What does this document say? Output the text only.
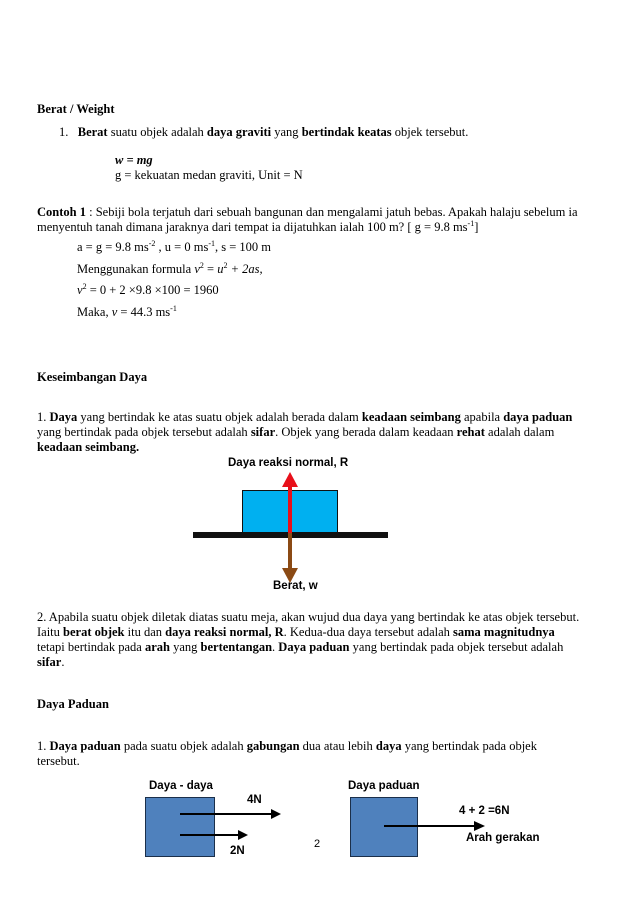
Berat / Weight
1. Berat suatu objek adalah daya graviti yang bertindak keatas objek tersebut.
w = mg
g = kekuatan medan graviti, Unit = N
Contoh 1 : Sebiji bola terjatuh dari sebuah bangunan dan mengalami jatuh bebas. Apakah halaju sebelum ia
menyentuh tanah dimana jaraknya dari tempat ia dijatuhkan ialah 100 m? [ g = 9.8 $ms^{-1}$]
a = g = 9.8 $ms^{-2}$ , u = 0 $ms^{-1}$, s = 100 m
Menggunakan formula $v^2 = u^2 + 2as$,
$v^2 = 0 + 2 \times 9.8 \times 100 = 1960$
Maka, v = 44.3 $ms^{-1}$
Keseimbangan Daya
1. Daya yang bertindak ke atas suatu objek adalah berada dalam keadaan seimbang apabila daya paduan
yang bertindak pada objek tersebut adalah sifar. Objek yang berada dalam keadaan rehat adalah dalam
keadaan seimbang.
Daya reaksi normal, R
Berat, w
2. Apabila suatu objek diletak diatas suatu meja, akan wujud dua daya yang bertindak ke atas objek tersebut.
Iaitu berat objek itu dan daya reaksi normal, R. Kedua-dua daya tersebut adalah sama magnitudnya
tetapi bertindak pada arah yang bertentangan. Daya paduan yang bertindak pada objek tersebut adalah
sifar.
Daya Paduan
1. Daya paduan pada suatu objek adalah gabungan dua atau lebih daya yang bertindak pada objek
tersebut.
Daya - daya
4N
2N
2
Daya paduan
4 + 2 =6N
Arah gerakan
